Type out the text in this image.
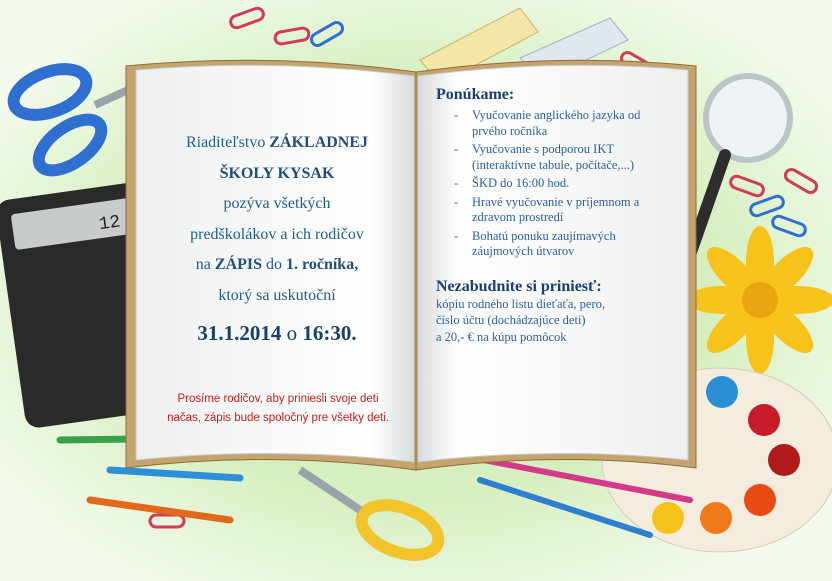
12
Riaditeľstvo ZÁKLADNEJ
ŠKOLY KYSAK
pozýva všetkých
predškolákov a ich rodičov
na ZÁPIS do 1. ročníka,
ktorý sa uskutoční
31.1.2014 o 16:30.
Prosíme rodičov, aby priniesli svoje deti načas, zápis bude spoločný pre všetky deti.

Ponúkame:

- Vyučovanie anglického jazyka od prvého ročníka
- Vyučovanie s podporou IKT (interaktívne tabule, počítače,...)
- ŠKD do 16:00 hod.
- Hravé vyučovanie v príjemnom a zdravom prostredí
- Bohatú ponuku zaujímavých záujmových útvarov

Nezabudnite si priniesť:

kópiu rodného listu dieťaťa, pero,
číslo účtu (dochádzajúce deti)
a 20,- € na kúpu pomôcok
